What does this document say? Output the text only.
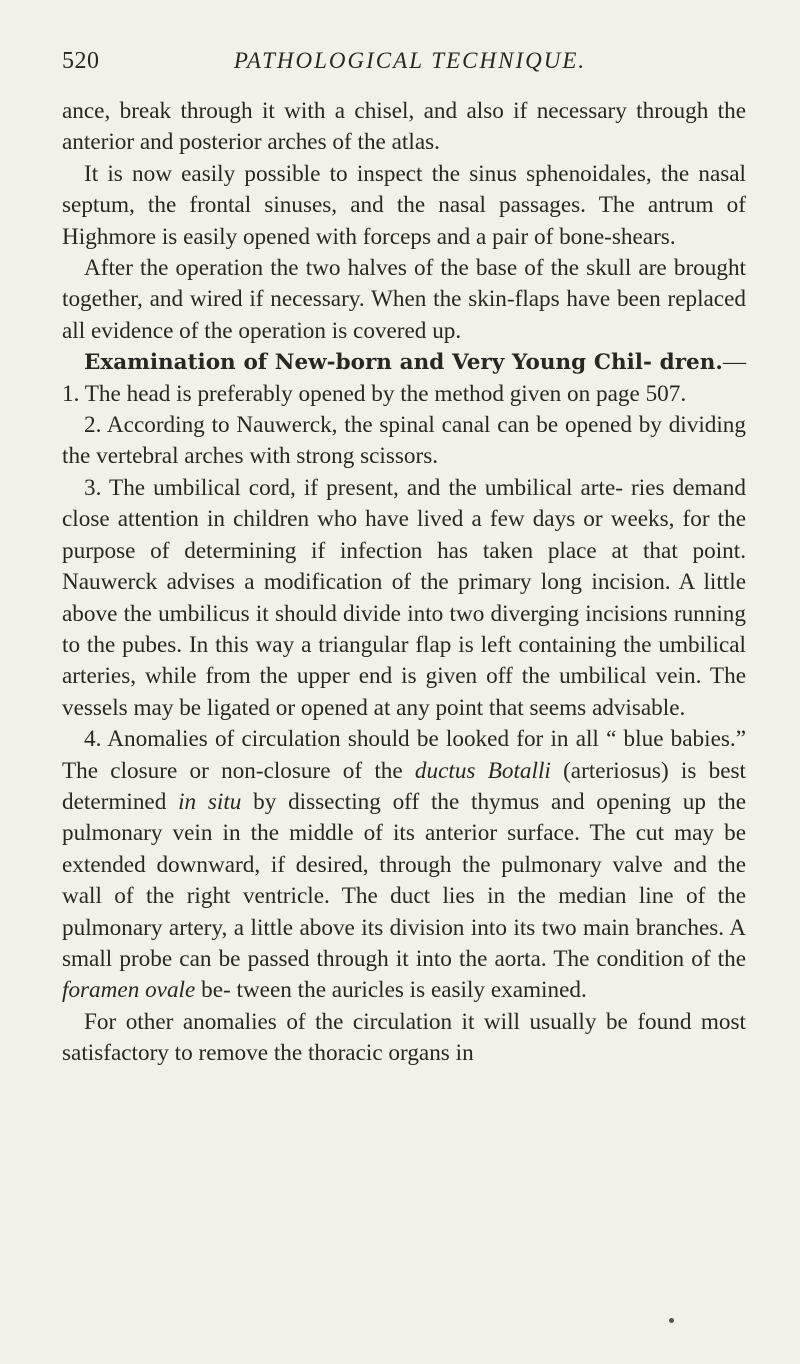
520	PATHOLOGICAL TECHNIQUE.

ance, break through it with a chisel, and also if necessary through the anterior and posterior arches of the atlas.

It is now easily possible to inspect the sinus sphenoidales, the nasal septum, the frontal sinuses, and the nasal passages. The antrum of Highmore is easily opened with forceps and a pair of bone-shears.

After the operation the two halves of the base of the skull are brought together, and wired if necessary. When the skin-flaps have been replaced all evidence of the operation is covered up.

Examination of New-born and Very Young Chil- dren.—1. The head is preferably opened by the method given on page 507.

2. According to Nauwerck, the spinal canal can be opened by dividing the vertebral arches with strong scissors.

3. The umbilical cord, if present, and the umbilical arte- ries demand close attention in children who have lived a few days or weeks, for the purpose of determining if infection has taken place at that point. Nauwerck advises a modification of the primary long incision. A little above the umbilicus it should divide into two diverging incisions running to the pubes. In this way a triangular flap is left containing the umbilical arteries, while from the upper end is given off the umbilical vein. The vessels may be ligated or opened at any point that seems advisable.

4. Anomalies of circulation should be looked for in all “ blue babies.” The closure or non-closure of the ductus Botalli (arteriosus) is best determined in situ by dissecting off the thymus and opening up the pulmonary vein in the middle of its anterior surface. The cut may be extended downward, if desired, through the pulmonary valve and the wall of the right ventricle. The duct lies in the median line of the pulmonary artery, a little above its division into its two main branches. A small probe can be passed through it into the aorta. The condition of the foramen ovale be- tween the auricles is easily examined.

For other anomalies of the circulation it will usually be found most satisfactory to remove the thoracic organs in
